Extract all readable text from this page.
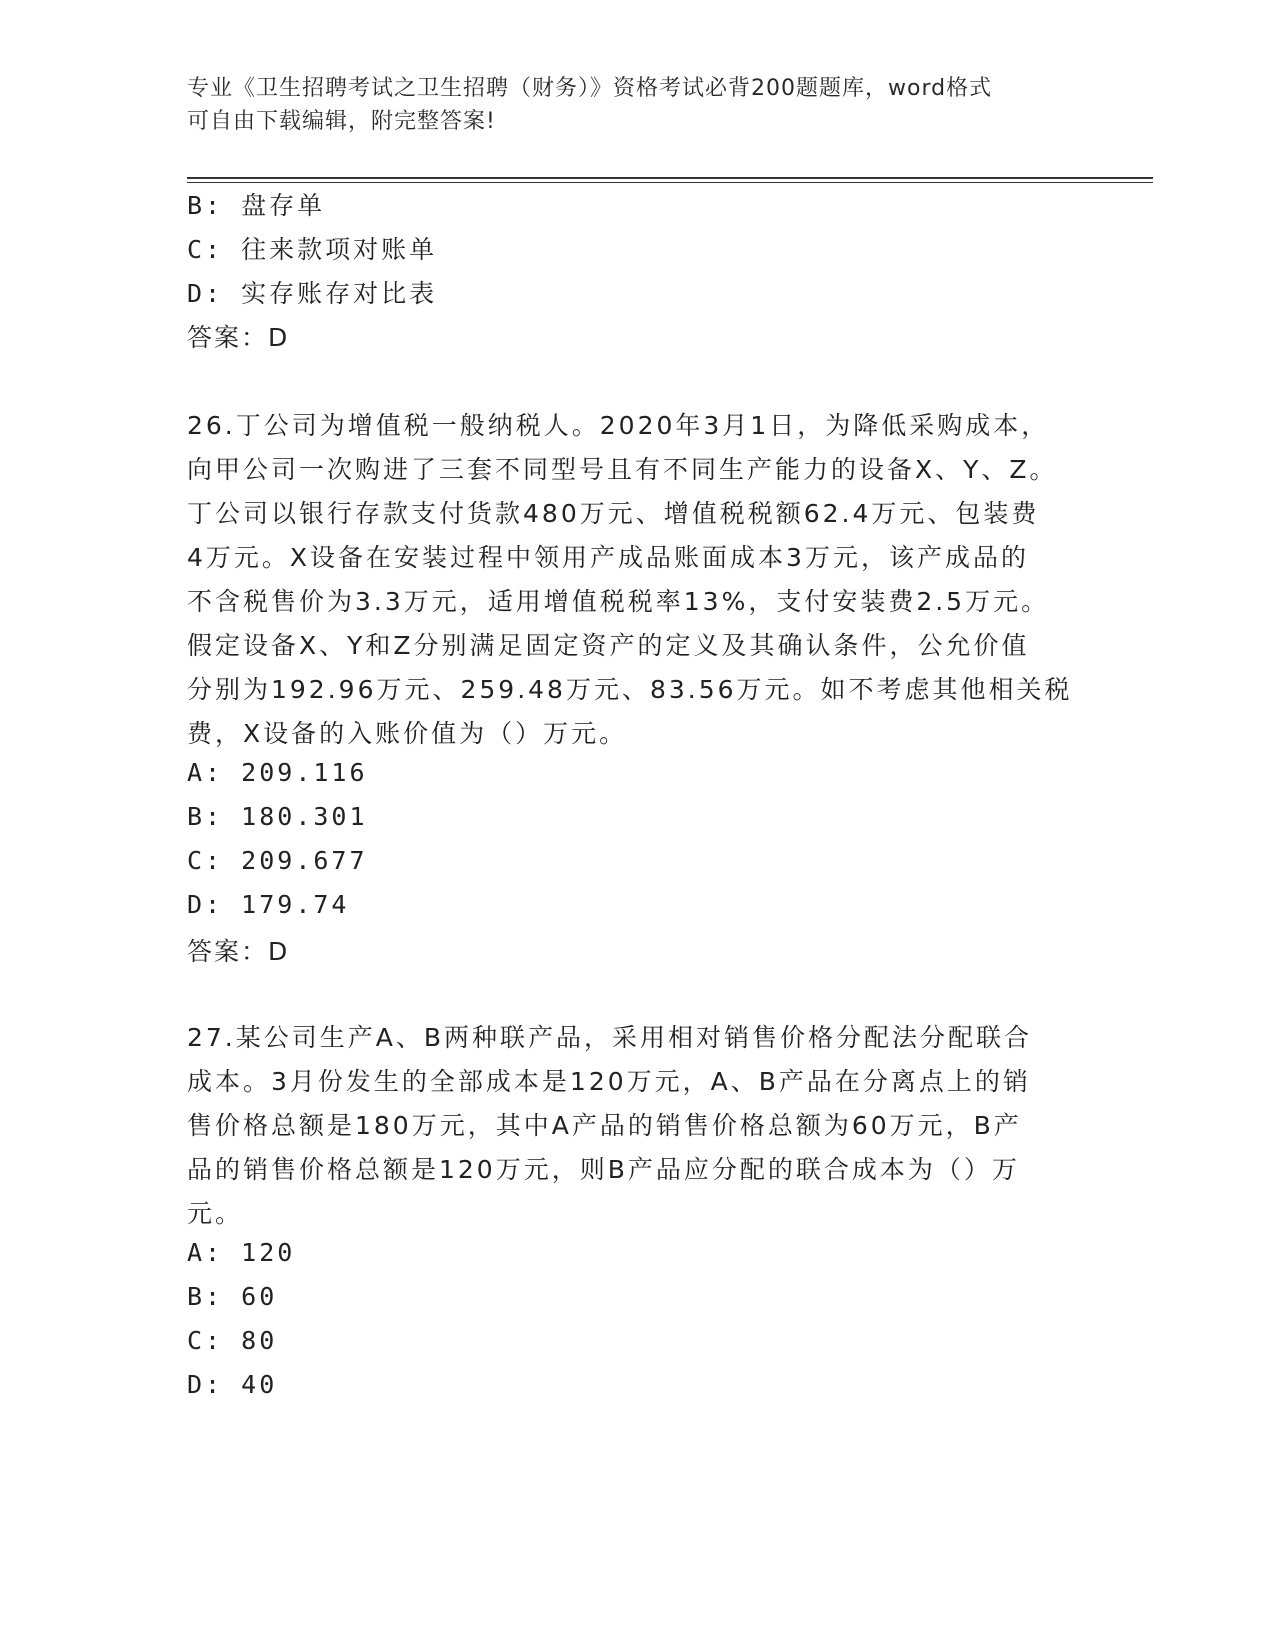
专业《卫生招聘考试之卫生招聘（财务）》资格考试必背200题题库，word格式
可自由下载编辑，附完整答案!
B: 盘存单
C: 往来款项对账单
D: 实存账存对比表
答案：D
26.丁公司为增值税一般纳税人。2020年3月1日，为降低采购成本，
向甲公司一次购进了三套不同型号且有不同生产能力的设备X、Y、Z。
丁公司以银行存款支付货款480万元、增值税税额62.4万元、包装费
4万元。X设备在安装过程中领用产成品账面成本3万元，该产成品的
不含税售价为3.3万元，适用增值税税率13%，支付安装费2.5万元。
假定设备X、Y和Z分别满足固定资产的定义及其确认条件，公允价值
分别为192.96万元、259.48万元、83.56万元。如不考虑其他相关税
费，X设备的入账价值为（）万元。
A: 209.116
B: 180.301
C: 209.677
D: 179.74
答案：D
27.某公司生产A、B两种联产品，采用相对销售价格分配法分配联合
成本。3月份发生的全部成本是120万元，A、B产品在分离点上的销
售价格总额是180万元，其中A产品的销售价格总额为60万元，B产
品的销售价格总额是120万元，则B产品应分配的联合成本为（）万
元。
A: 120
B: 60
C: 80
D: 40
